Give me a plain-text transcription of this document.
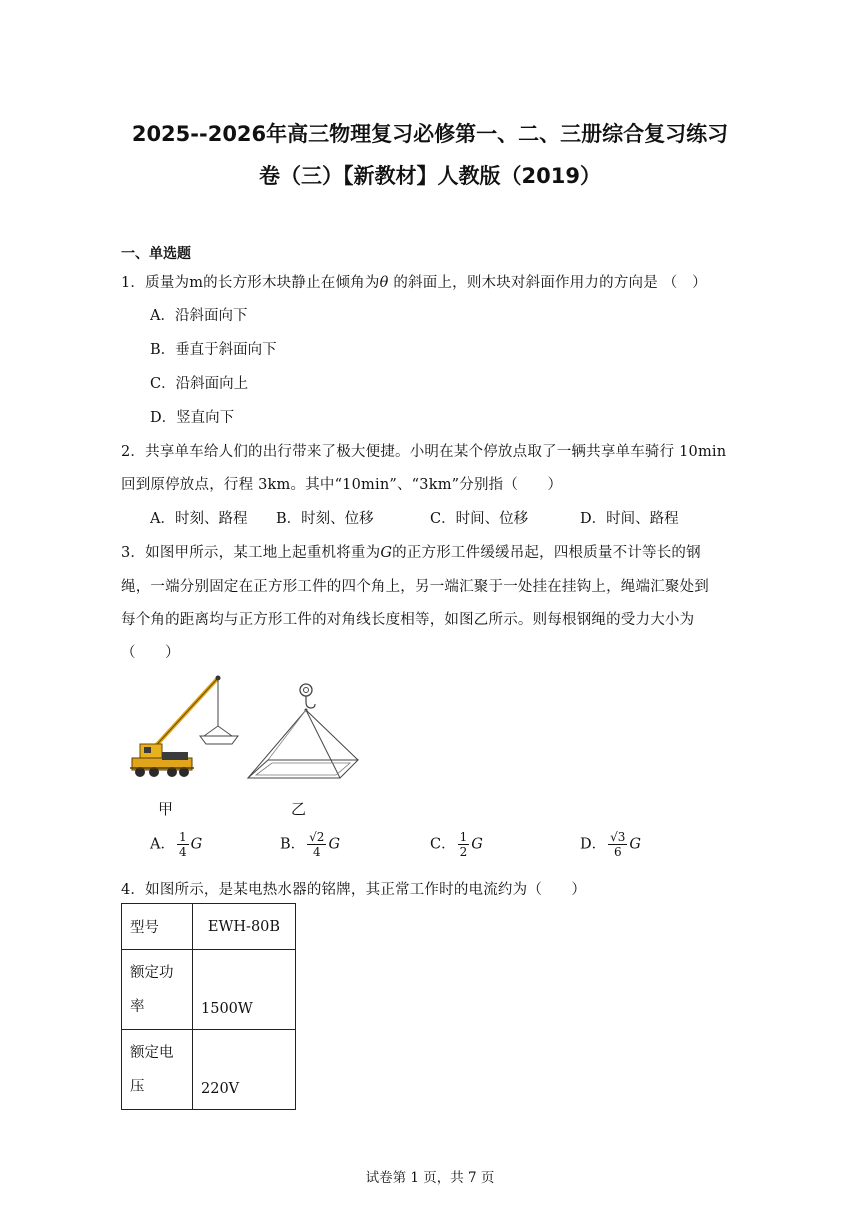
2025--2026年高三物理复习必修第一、二、三册综合复习练习
卷（三）【新教材】人教版（2019）
一、单选题
1．质量为m的长方形木块静止在倾角为θ 的斜面上，则木块对斜面作用力的方向是 （　）
A．沿斜面向下
B．垂直于斜面向下
C．沿斜面向上
D．竖直向下
2．共享单车给人们的出行带来了极大便捷。小明在某个停放点取了一辆共享单车骑行 10min
回到原停放点，行程 3km。其中“10min”、“3km”分别指（　　）
A．时刻、路程 B．时刻、位移	C．时间、位移	D．时间、路程
3．如图甲所示，某工地上起重机将重为G的正方形工件缓缓吊起，四根质量不计等长的钢
绳，一端分别固定在正方形工件的四个角上，另一端汇聚于一处挂在挂钩上，绳端汇聚处到
每个角的距离均与正方形工件的对角线长度相等，如图乙所示。则每根钢绳的受力大小为
（　　）
甲	乙
A． $\frac{1}{4}$ G	B． $\frac{√2}{4}$ G	C． $\frac{1}{2}$ G	D． $\frac{√3}{6}$ G
4．如图所示，是某电热水器的铭牌，其正常工作时的电流约为（　　）
型号	EWH-80B

额定功
率	1500W

额定电
压	220V
试卷第 1 页，共 7 页
